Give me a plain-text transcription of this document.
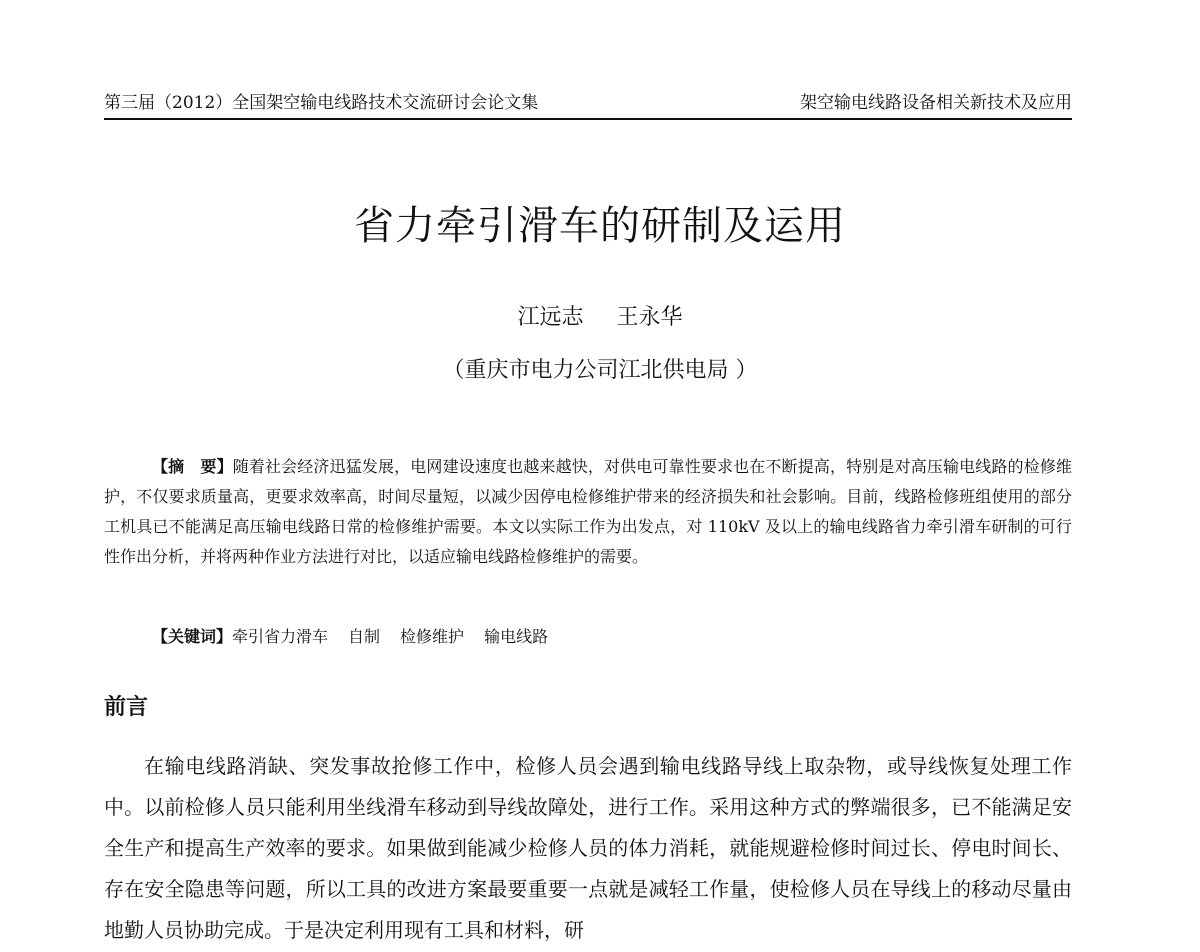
第三届（2012）全国架空输电线路技术交流研讨会论文集	架空输电线路设备相关新技术及应用
省力牵引滑车的研制及运用
江远志 王永华
（重庆市电力公司江北供电局 ）

【摘　要】随着社会经济迅猛发展，电网建设速度也越来越快，对供电可靠性要求也在不断提高，特别是对高压输电线路的检修维护，不仅要求质量高，更要求效率高，时间尽量短，以减少因停电检修维护带来的经济损失和社会影响。目前，线路检修班组使用的部分工机具已不能满足高压输电线路日常的检修维护需要。本文以实际工作为出发点，对 110kV 及以上的输电线路省力牵引滑车研制的可行性作出分析，并将两种作业方法进行对比，以适应输电线路检修维护的需要。

【关键词】牵引省力滑车 自制 检修维护 输电线路
前言

在输电线路消缺、突发事故抢修工作中，检修人员会遇到输电线路导线上取杂物，或导线恢复处理工作中。以前检修人员只能利用坐线滑车移动到导线故障处，进行工作。采用这种方式的弊端很多，已不能满足安全生产和提高生产效率的要求。如果做到能减少检修人员的体力消耗，就能规避检修时间过长、停电时间长、存在安全隐患等问题，所以工具的改进方案最要重要一点就是减轻工作量，使检修人员在导线上的移动尽量由地勤人员协助完成。于是决定利用现有工具和材料，研
